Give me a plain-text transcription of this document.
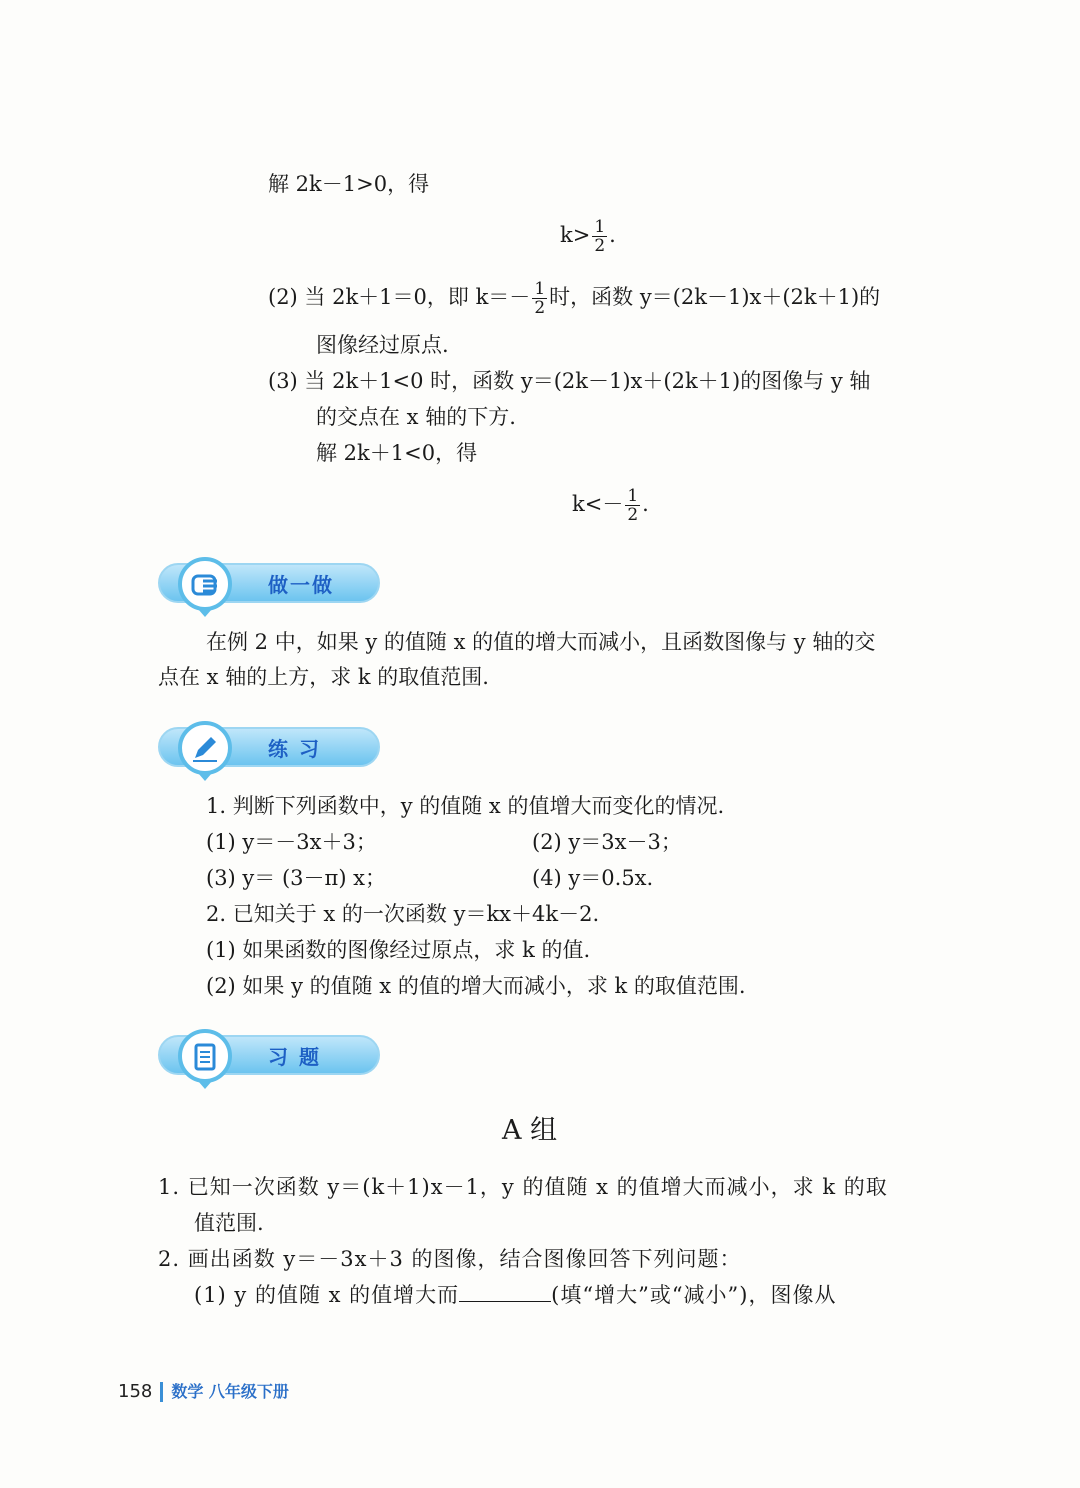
解 2k－1>0，得
$k> \frac{1}{2}$ .
(2) 当 2k＋1＝0，即 $k=- \frac{1}{2}$ 时，函数 y＝(2k－1)x＋(2k＋1)的
图像经过原点.
(3) 当 2k＋1<0 时，函数 y＝(2k－1)x＋(2k＋1)的图像与 y 轴
的交点在 x 轴的下方.
解 2k＋1<0，得
$k<- \frac{1}{2}$ .
做一做
在例 2 中，如果 y 的值随 x 的值的增大而减小，且函数图像与 y 轴的交
点在 x 轴的上方，求 k 的取值范围.
练 习
1. 判断下列函数中，y 的值随 x 的值增大而变化的情况.
(1) y＝－3x＋3；	(2) y＝3x－3；
(3) y＝ (3－π) x；	(4) y＝0.5x.
2. 已知关于 x 的一次函数 y＝kx＋4k－2.
(1) 如果函数的图像经过原点，求 k 的值.
(2) 如果 y 的值随 x 的值的增大而减小，求 k 的取值范围.
习 题
A 组
1. 已知一次函数 y＝(k＋1)x－1，y 的值随 x 的值增大而减小，求 k 的取
值范围.
2. 画出函数 y＝－3x＋3 的图像，结合图像回答下列问题：
(1) y 的值随 x 的值增大而	(填“增大”或“减小”)，图像从
158 数学 八年级下册
